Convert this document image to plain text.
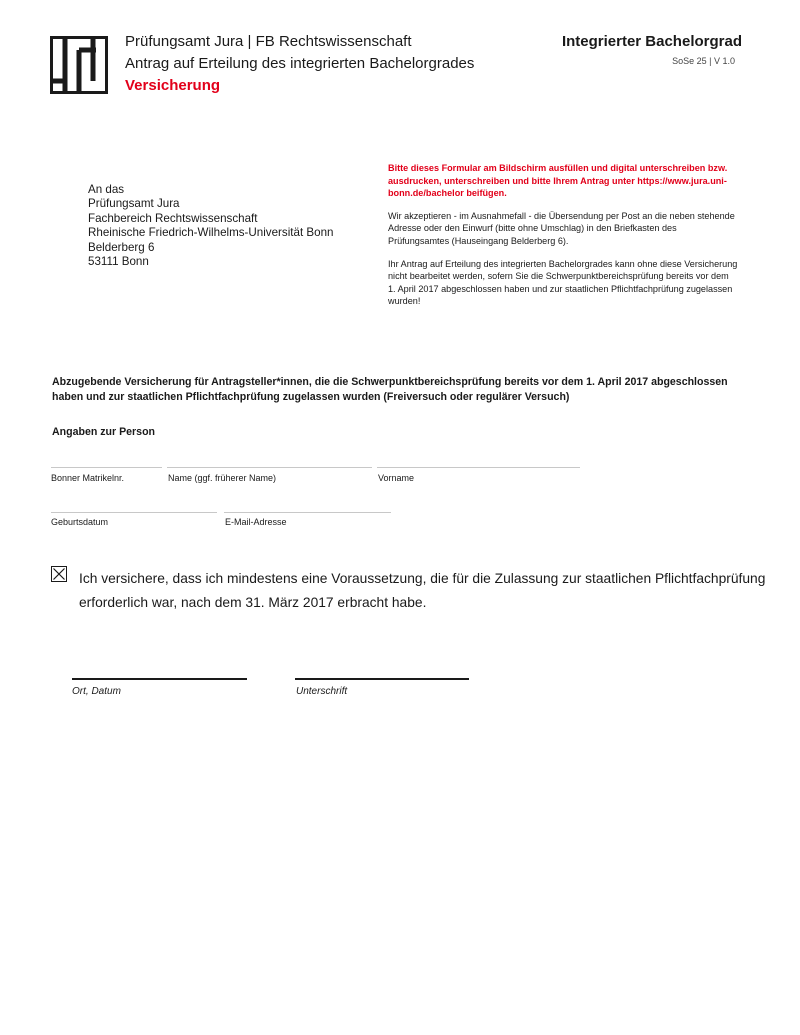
Prüfungsamt Jura | FB Rechtswissenschaft
Antrag auf Erteilung des integrierten Bachelorgrades
Versicherung
Integrierter Bachelorgrad
SoSe 25 | V 1.0
An das
Prüfungsamt Jura
Fachbereich Rechtswissenschaft
Rheinische Friedrich-Wilhelms-Universität Bonn
Belderberg 6
53111 Bonn

Bitte dieses Formular am Bildschirm ausfüllen und digital unterschreiben bzw. ausdrucken, unterschreiben und bitte Ihrem Antrag unter https://www.jura.uni-bonn.de/bachelor beifügen.

Wir akzeptieren - im Ausnahmefall - die Übersendung per Post an die neben stehende Adresse oder den Einwurf (bitte ohne Umschlag) in den Briefkasten des Prüfungsamtes (Hauseingang Belderberg 6).

Ihr Antrag auf Erteilung des integrierten Bachelorgrades kann ohne diese Versicherung nicht bearbeitet werden, sofern Sie die Schwerpunktbereichsprüfung bereits vor dem 1. April 2017 abgeschlossen haben und zur staatlichen Pflichtfachprüfung zugelassen wurden!

Abzugebende Versicherung für Antragsteller*innen, die die Schwerpunktbereichsprüfung bereits vor dem 1. April 2017 abgeschlossen haben und zur staatlichen Pflichtfachprüfung zugelassen wurden (Freiversuch oder regulärer Versuch)
Angaben zur Person
Bonner Matrikelnr.	Name (ggf. früherer Name)	Vorname
Geburtsdatum	E-Mail-Adresse
Ich versichere, dass ich mindestens eine Voraussetzung, die für die Zulassung zur staatlichen Pflichtfachprüfung erforderlich war, nach dem 31. März 2017 erbracht habe.
Ort, Datum	Unterschrift
